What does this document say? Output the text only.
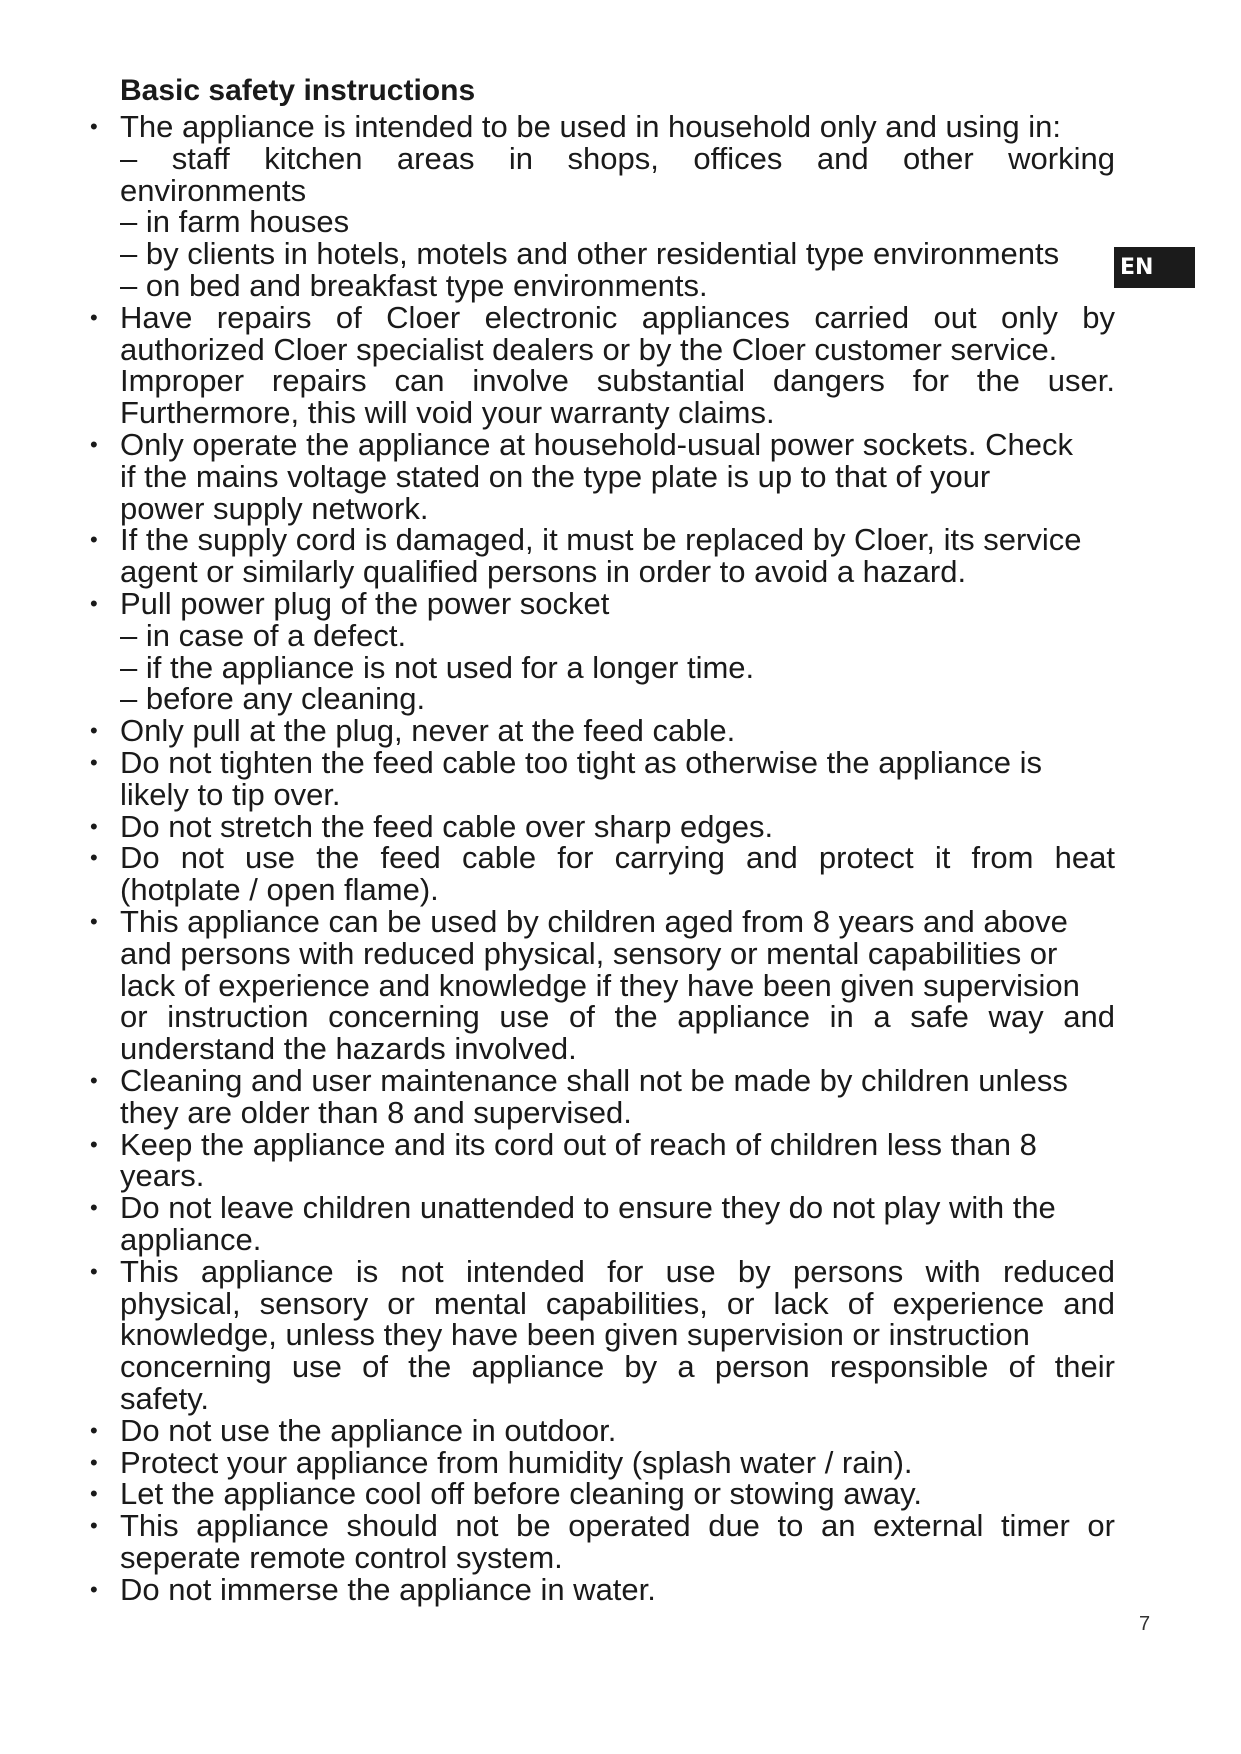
Basic safety instructions
• The appliance is intended to be used in household only and using in:
– staff kitchen areas in shops, offices and other working
environments
– in farm houses
– by clients in hotels, motels and other residential type environments
– on bed and breakfast type environments.
• Have repairs of Cloer electronic appliances carried out only by
authorized Cloer specialist dealers or by the Cloer customer service.
Improper repairs can involve substantial dangers for the user.
Furthermore, this will void your warranty claims.
• Only operate the appliance at household-usual power sockets. Check
if the mains voltage stated on the type plate is up to that of your
power supply network.
• If the supply cord is damaged, it must be replaced by Cloer, its service
agent or similarly qualified persons in order to avoid a hazard.
• Pull power plug of the power socket
– in case of a defect.
– if the appliance is not used for a longer time.
– before any cleaning.
• Only pull at the plug, never at the feed cable.
• Do not tighten the feed cable too tight as otherwise the appliance is
likely to tip over.
• Do not stretch the feed cable over sharp edges.
• Do not use the feed cable for carrying and protect it from heat
(hotplate / open flame).
• This appliance can be used by children aged from 8 years and above
and persons with reduced physical, sensory or mental capabilities or
lack of experience and knowledge if they have been given supervision
or instruction concerning use of the appliance in a safe way and
understand the hazards involved.
• Cleaning and user maintenance shall not be made by children unless
they are older than 8 and supervised.
• Keep the appliance and its cord out of reach of children less than 8
years.
• Do not leave children unattended to ensure they do not play with the
appliance.
• This appliance is not intended for use by persons with reduced
physical, sensory or mental capabilities, or lack of experience and
knowledge, unless they have been given supervision or instruction
concerning use of the appliance by a person responsible of their
safety.
• Do not use the appliance in outdoor.
• Protect your appliance from humidity (splash water / rain).
• Let the appliance cool off before cleaning or stowing away.
• This appliance should not be operated due to an external timer or
seperate remote control system.
• Do not immerse the appliance in water.
EN
7
